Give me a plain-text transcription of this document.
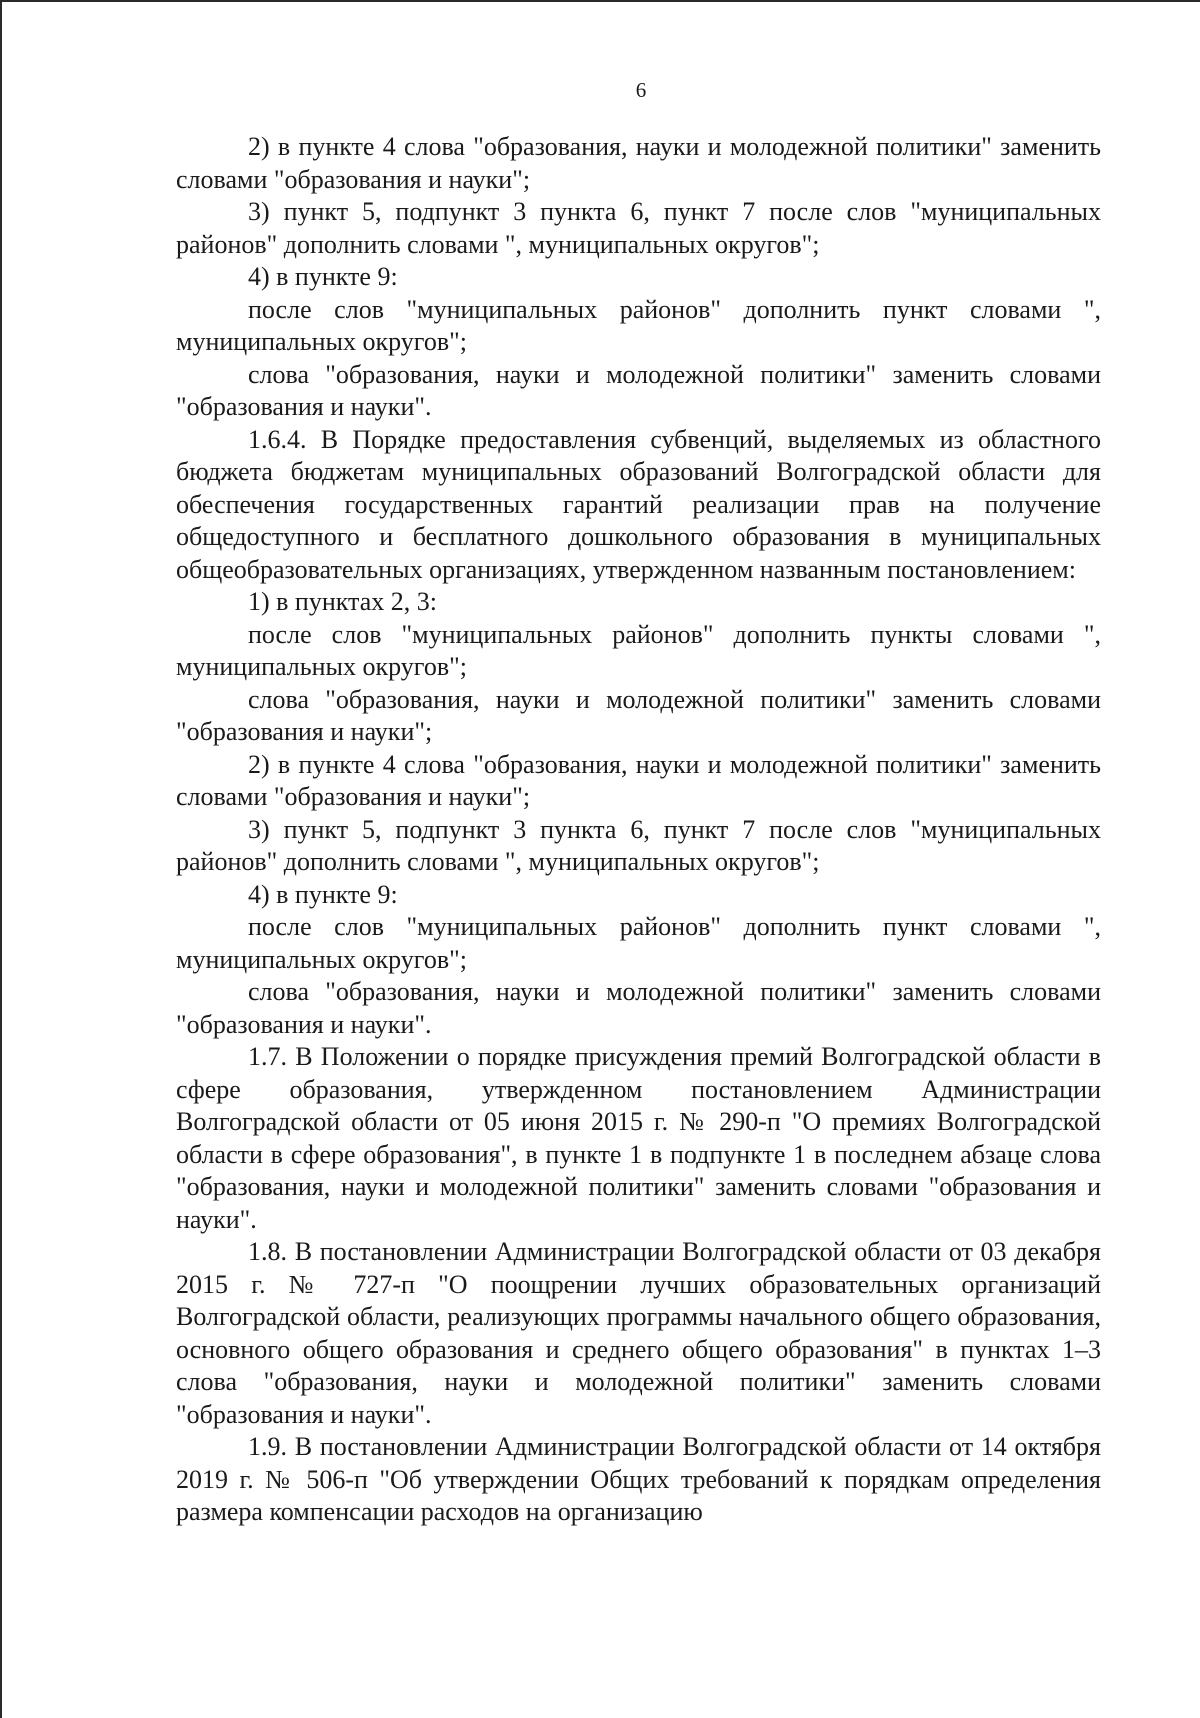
6

2) в пункте 4 слова "образования, науки и молодежной политики" заменить словами "образования и науки";

3) пункт 5, подпункт 3 пункта 6, пункт 7 после слов "муниципальных районов" дополнить словами ", муниципальных округов";

4) в пункте 9:

после слов "муниципальных районов" дополнить пункт словами ", муниципальных округов";

слова "образования, науки и молодежной политики" заменить словами "образования и науки".

1.6.4. В Порядке предоставления субвенций, выделяемых из областного бюджета бюджетам муниципальных образований Волгоградской области для обеспечения государственных гарантий реализации прав на получение общедоступного и бесплатного дошкольного образования в муниципальных общеобразовательных организациях, утвержденном названным постановлением:

1) в пунктах 2, 3:

после слов "муниципальных районов" дополнить пункты словами ", муниципальных округов";

слова "образования, науки и молодежной политики" заменить словами "образования и науки";

2) в пункте 4 слова "образования, науки и молодежной политики" заменить словами "образования и науки";

3) пункт 5, подпункт 3 пункта 6, пункт 7 после слов "муниципальных районов" дополнить словами ", муниципальных округов";

4) в пункте 9:

после слов "муниципальных районов" дополнить пункт словами ", муниципальных округов";

слова "образования, науки и молодежной политики" заменить словами "образования и науки".

1.7. В Положении о порядке присуждения премий Волгоградской области в сфере образования, утвержденном постановлением Администрации Волгоградской области от 05 июня 2015 г. № 290-п "О премиях Волгоградской области в сфере образования", в пункте 1 в подпункте 1 в последнем абзаце слова "образования, науки и молодежной политики" заменить словами "образования и науки".

1.8. В постановлении Администрации Волгоградской области от 03 декабря 2015 г. № 727-п "О поощрении лучших образовательных организаций Волгоградской области, реализующих программы начального общего образования, основного общего образования и среднего общего образования" в пунктах 1–3 слова "образования, науки и молодежной политики" заменить словами "образования и науки".

1.9. В постановлении Администрации Волгоградской области от 14 октября 2019 г. № 506-п "Об утверждении Общих требований к порядкам определения размера компенсации расходов на организацию
